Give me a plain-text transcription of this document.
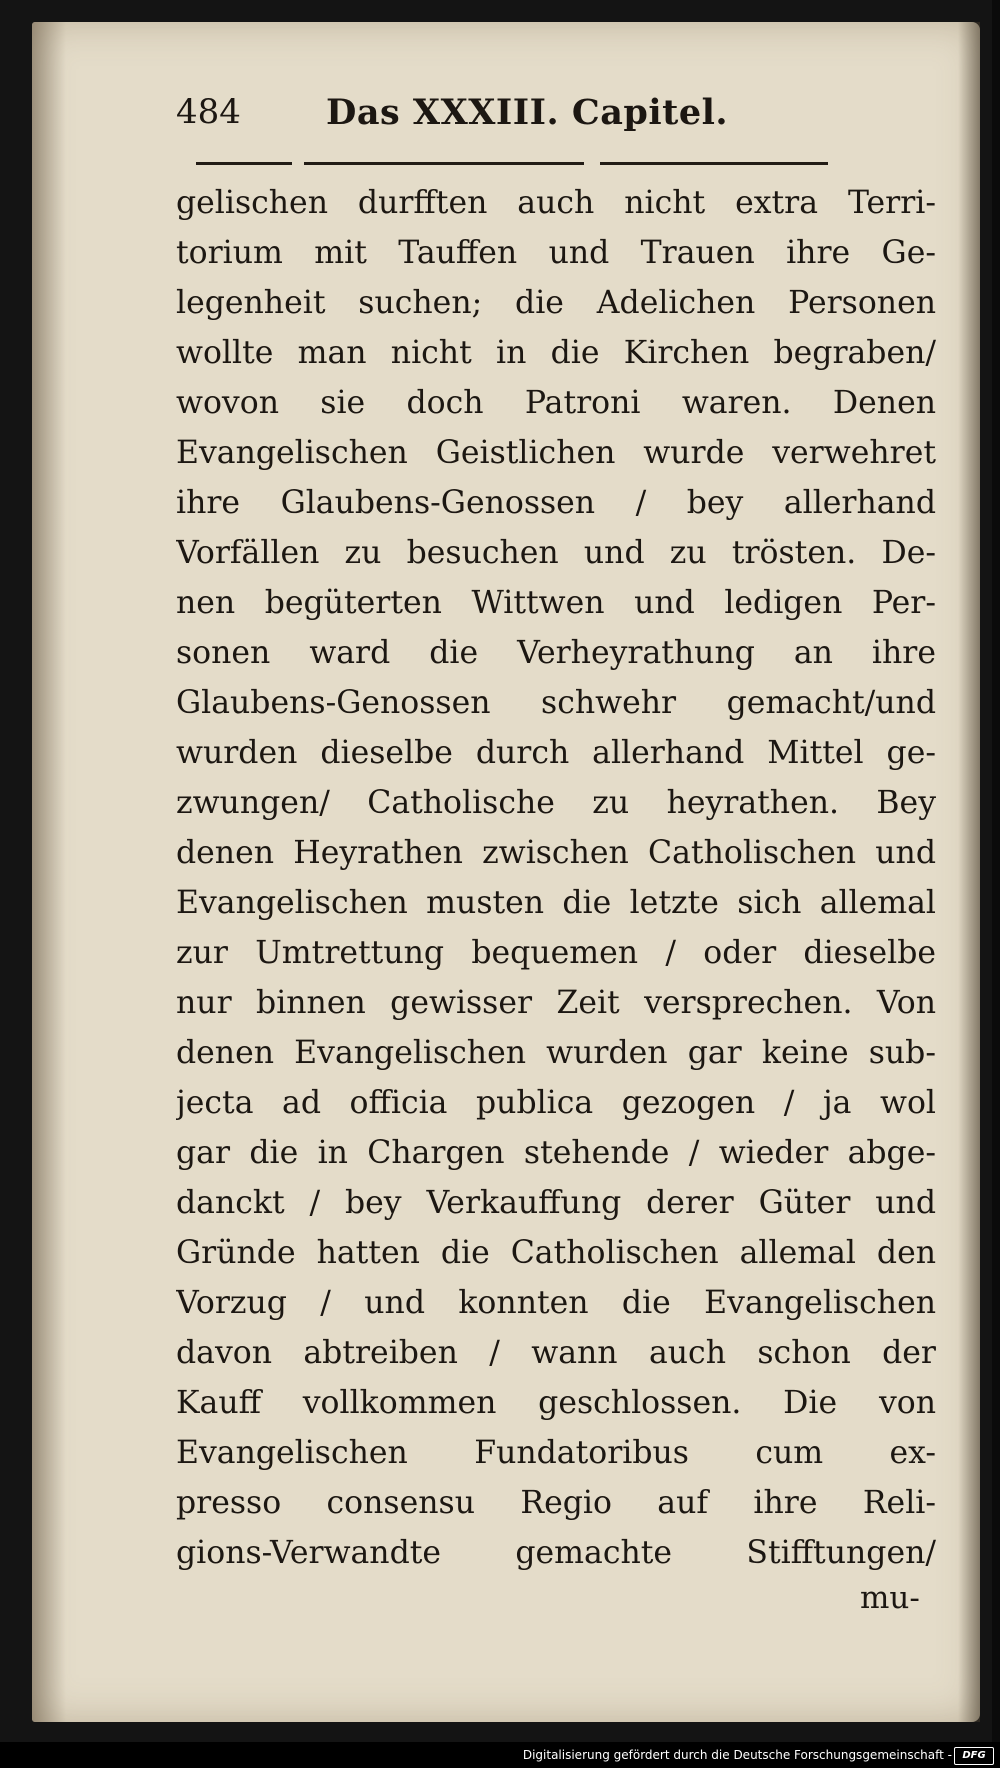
484 Das XXXIII. Capitel.
gelischen durfften auch nicht extra Terri-
torium mit Tauffen und Trauen ihre Ge-
legenheit suchen; die Adelichen Personen
wollte man nicht in die Kirchen begraben/
wovon sie doch Patroni waren. Denen
Evangelischen Geistlichen wurde verwehret
ihre Glaubens-Genossen / bey allerhand
Vorfällen zu besuchen und zu trösten. De-
nen begüterten Wittwen und ledigen Per-
sonen ward die Verheyrathung an ihre
Glaubens-Genossen schwehr gemacht/und
wurden dieselbe durch allerhand Mittel ge-
zwungen/ Catholische zu heyrathen. Bey
denen Heyrathen zwischen Catholischen und
Evangelischen musten die letzte sich allemal
zur Umtrettung bequemen / oder dieselbe
nur binnen gewisser Zeit versprechen. Von
denen Evangelischen wurden gar keine sub-
jecta ad officia publica gezogen / ja wol
gar die in Chargen stehende / wieder abge-
danckt / bey Verkauffung derer Güter und
Gründe hatten die Catholischen allemal den
Vorzug / und konnten die Evangelischen
davon abtreiben / wann auch schon der
Kauff vollkommen geschlossen. Die von
Evangelischen Fundatoribus cum ex-
presso consensu Regio auf ihre Reli-
gions-Verwandte gemachte Stifftungen/
mu-
Digitalisierung gefördert durch die Deutsche Forschungsgemeinschaft -	DFG
